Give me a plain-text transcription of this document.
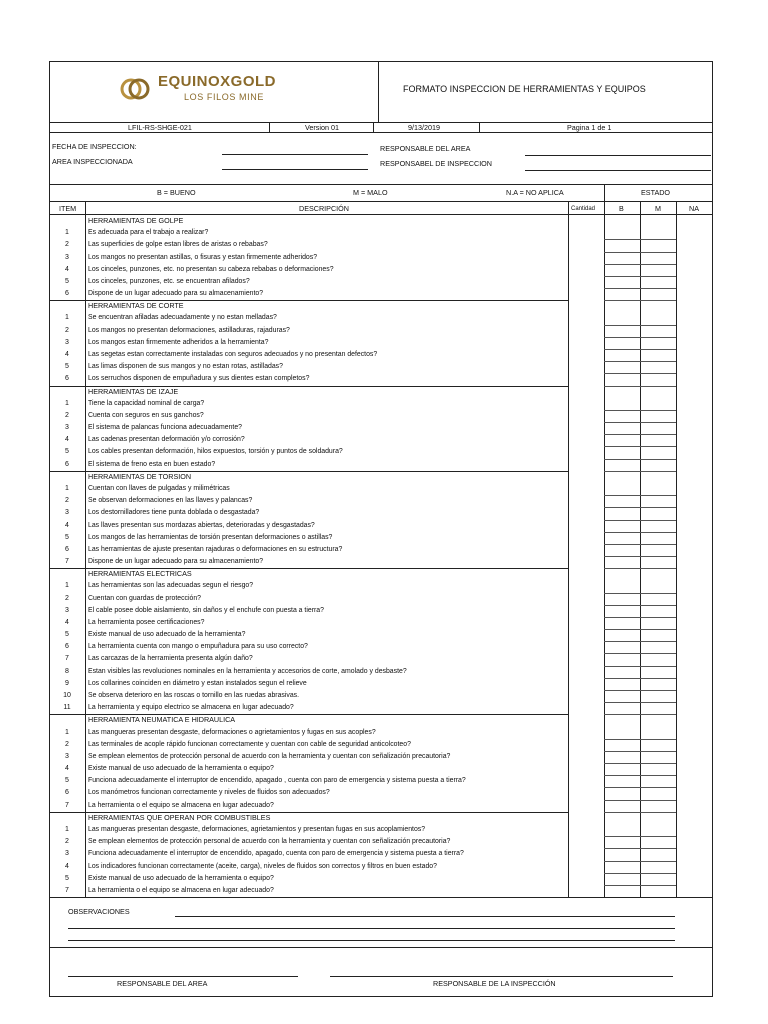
EQUINOXGOLD
LOS FILOS MINE
FORMATO INSPECCION DE HERRAMIENTAS Y EQUIPOS
LFIL-RS-SHGE-021	Version 01	9/13/2019	Pagina 1 de 1
FECHA DE INSPECCION:
AREA INSPECCIONADA
RESPONSABLE DEL AREA
RESPONSABEL DE INSPECCION
B = BUENO	M = MALO	N.A = NO APLICA	ESTADO
ITEM	DESCRIPCIÓN	Cantidad	B	M	NA
HERRAMIENTAS DE GOLPE
1	Es adecuada para el trabajo a realizar?
2	Las superficies de golpe estan libres de aristas o rebabas?
3	Los mangos no presentan astillas, o fisuras y estan firmemente adheridos?
4	Los cinceles, punzones, etc. no presentan su cabeza rebabas o deformaciones?
5	Los cinceles, punzones, etc. se encuentran afilados?
6	Dispone de un lugar adecuado para su almacenamiento?
HERRAMIENTAS DE CORTE
1	Se encuentran afiladas adecuadamente y no estan melladas?
2	Los mangos no presentan deformaciones, astilladuras, rajaduras?
3	Los mangos estan firmemente adheridos a la herramienta?
4	Las segetas estan correctamente instaladas con seguros adecuados y no presentan defectos?
5	Las limas disponen de sus mangos y no estan rotas, astilladas?
6	Los serruchos disponen de empuñadura y sus dientes estan completos?
HERRAMIENTAS DE IZAJE
1	Tiene la capacidad nominal de carga?
2	Cuenta con seguros en sus ganchos?
3	El sistema de palancas funciona adecuadamente?
4	Las cadenas presentan deformación y/o corrosión?
5	Los cables presentan deformación, hilos expuestos, torsión y puntos de soldadura?
6	El sistema de freno esta en buen estado?
HERRAMIENTAS DE TORSION
1	Cuentan con llaves de pulgadas y milimétricas
2	Se observan deformaciones en las llaves y palancas?
3	Los destornilladores tiene punta doblada o desgastada?
4	Las llaves presentan sus mordazas abiertas, deterioradas y desgastadas?
5	Los mangos de las herramientas de torsión presentan deformaciones o astillas?
6	Las herramientas de ajuste presentan rajaduras o deformaciones en su estructura?
7	Dispone de un lugar adecuado para su almacenamiento?
HERRAMIENTAS ELECTRICAS
1	Las herramientas son las adecuadas segun el riesgo?
2	Cuentan con guardas de protección?
3	El cable posee doble aislamiento, sin daños y el enchufe con puesta a tierra?
4	La herramienta posee certificaciones?
5	Existe manual de uso adecuado de la herramienta?
6	La herramienta cuenta con mango o empuñadura para su uso correcto?
7	Las carcazas de la herramienta presenta algún daño?
8	Estan visibles las revoluciones nominales en la herramienta y accesorios de corte, amolado y desbaste?
9	Los collarines coinciden en diámetro y estan instalados segun el relieve
10	Se observa deterioro en las roscas o tornillo en las ruedas abrasivas.
11	La herramienta y equipo electrico se almacena en lugar adecuado?
HERRAMIENTA NEUMATICA E HIDRAULICA
1	Las mangueras presentan desgaste, deformaciones o agrietamientos y fugas en sus acoples?
2	Las terminales de acople rápido funcionan correctamente y cuentan con cable de seguridad anticolcoteo?
3	Se emplean elementos de protección personal de acuerdo con la herramienta y cuentan con señalización precautoria?
4	Existe manual de uso adecuado de la herramienta o equipo?
5	Funciona adecuadamente el interruptor de encendido, apagado , cuenta con paro de emergencia y sistema puesta a tierra?
6	Los manómetros funcionan correctamente y niveles de fluidos son adecuados?
7	La herramienta o el equipo se almacena en lugar adecuado?
HERRAMIENTAS QUE OPERAN POR COMBUSTIBLES
1	Las mangueras presentan desgaste, deformaciones, agrietamientos y presentan fugas en sus acoplamientos?
2	Se emplean elementos de protección personal de acuerdo con la herramienta y cuentan con señalización precautoria?
3	Funciona adecuadamente el interruptor de encendido, apagado, cuenta con paro de emergencia y sistema puesta a tierra?
4	Los indicadores funcionan correctamente (aceite, carga), niveles de fluidos son correctos y filtros en buen estado?
5	Existe manual de uso adecuado de la herramienta o equipo?
7	La herramienta o el equipo se almacena en lugar adecuado?
OBSERVACIONES
RESPONSABLE DEL AREA	RESPONSABLE DE LA INSPECCIÓN
